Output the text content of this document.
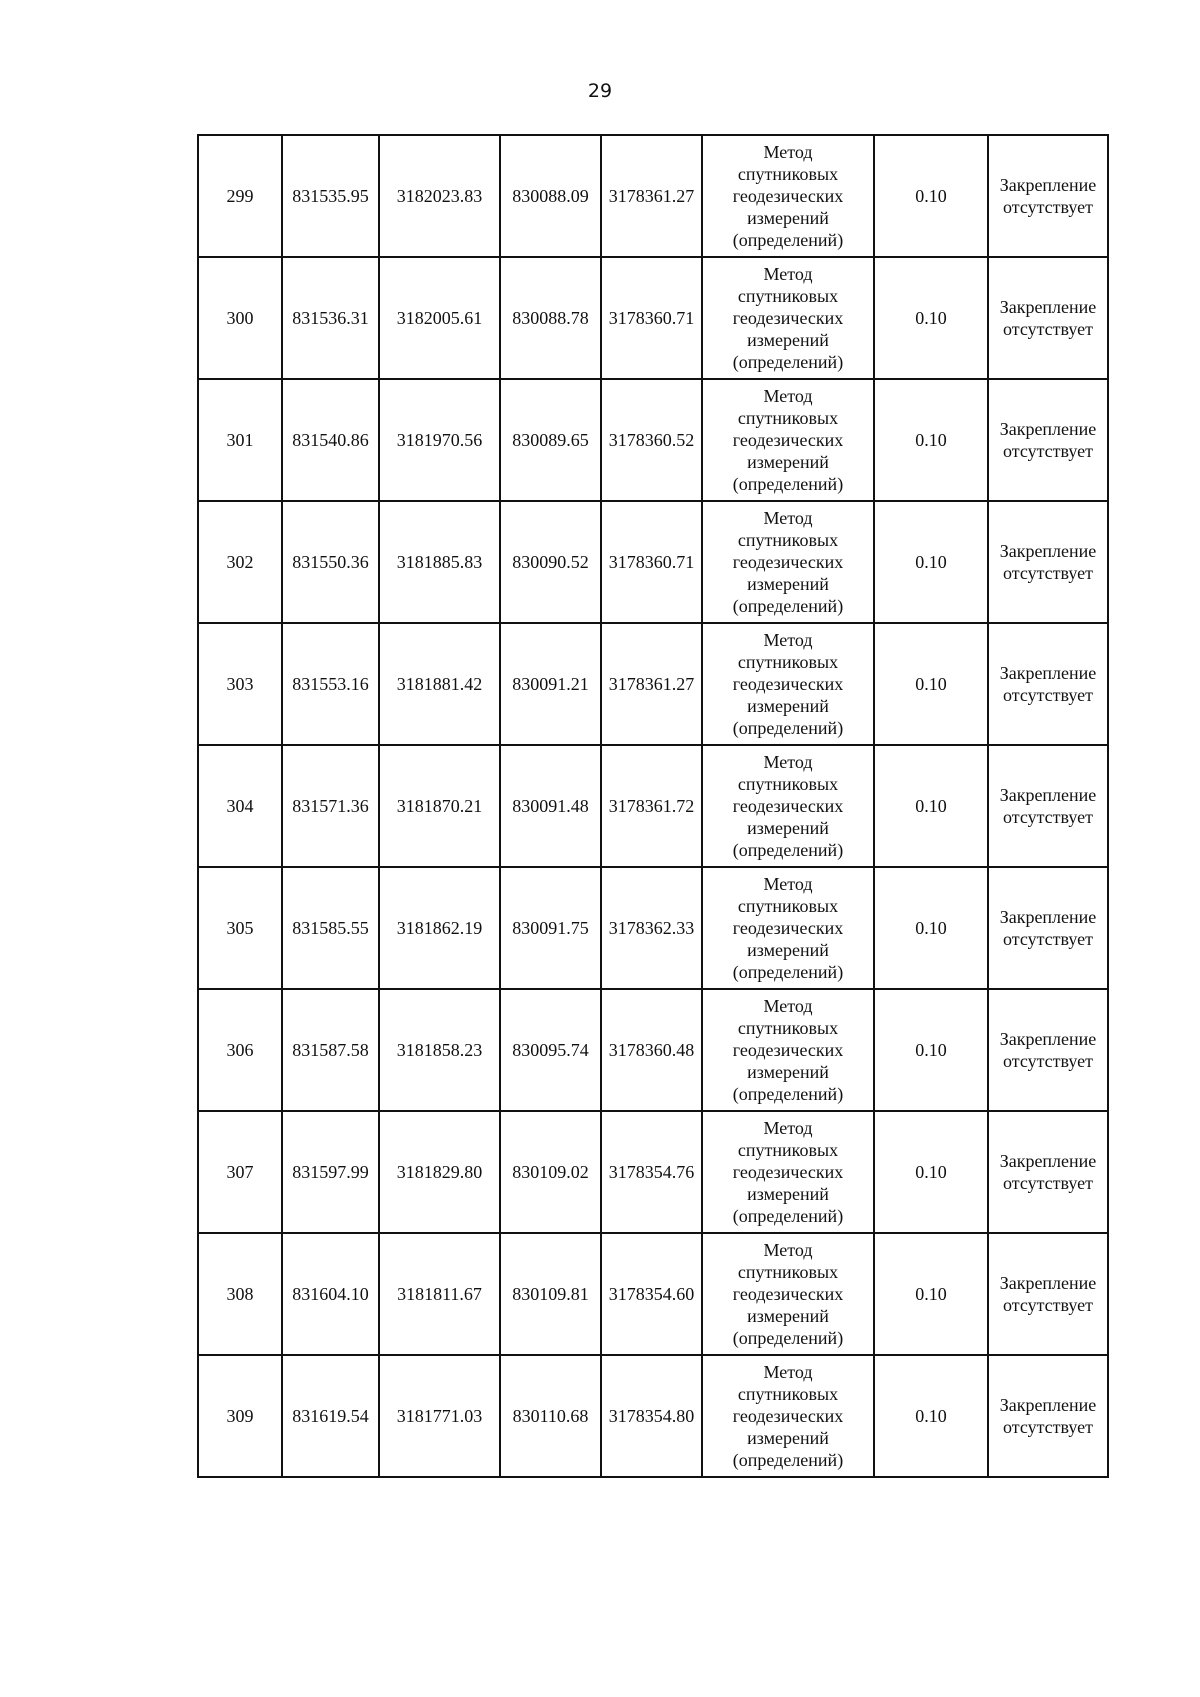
29
299	831535.95	3182023.83	830088.09	3178361.27	Метод
спутниковых
геодезических
измерений
(определений)	0.10	Закрепление
отсутствует

300	831536.31	3182005.61	830088.78	3178360.71	Метод
спутниковых
геодезических
измерений
(определений)	0.10	Закрепление
отсутствует

301	831540.86	3181970.56	830089.65	3178360.52	Метод
спутниковых
геодезических
измерений
(определений)	0.10	Закрепление
отсутствует

302	831550.36	3181885.83	830090.52	3178360.71	Метод
спутниковых
геодезических
измерений
(определений)	0.10	Закрепление
отсутствует

303	831553.16	3181881.42	830091.21	3178361.27	Метод
спутниковых
геодезических
измерений
(определений)	0.10	Закрепление
отсутствует

304	831571.36	3181870.21	830091.48	3178361.72	Метод
спутниковых
геодезических
измерений
(определений)	0.10	Закрепление
отсутствует

305	831585.55	3181862.19	830091.75	3178362.33	Метод
спутниковых
геодезических
измерений
(определений)	0.10	Закрепление
отсутствует

306	831587.58	3181858.23	830095.74	3178360.48	Метод
спутниковых
геодезических
измерений
(определений)	0.10	Закрепление
отсутствует

307	831597.99	3181829.80	830109.02	3178354.76	Метод
спутниковых
геодезических
измерений
(определений)	0.10	Закрепление
отсутствует

308	831604.10	3181811.67	830109.81	3178354.60	Метод
спутниковых
геодезических
измерений
(определений)	0.10	Закрепление
отсутствует

309	831619.54	3181771.03	830110.68	3178354.80	Метод
спутниковых
геодезических
измерений
(определений)	0.10	Закрепление
отсутствует
